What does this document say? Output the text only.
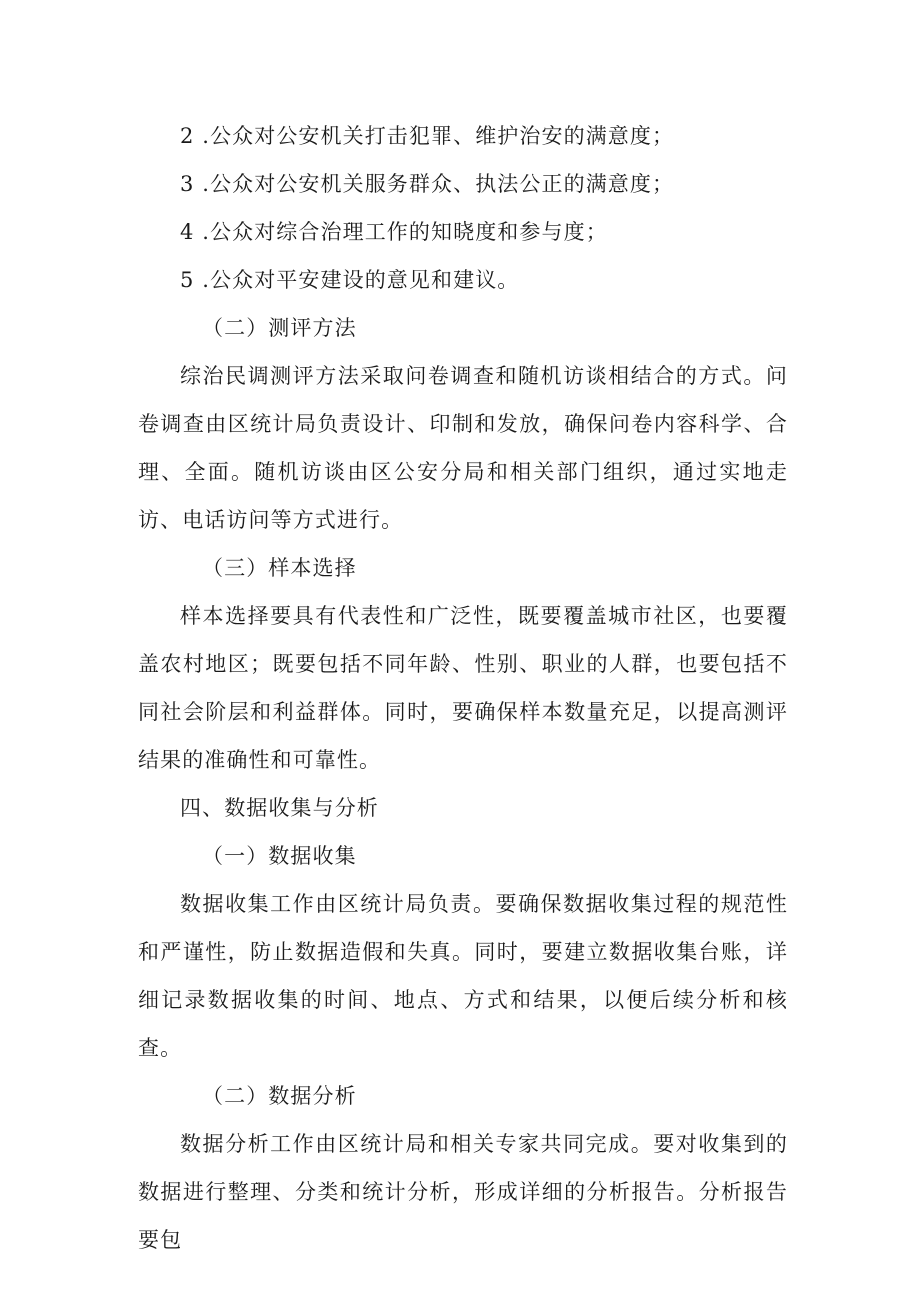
2 .公众对公安机关打击犯罪、维护治安的满意度；
3 .公众对公安机关服务群众、执法公正的满意度；
4 .公众对综合治理工作的知晓度和参与度；
5 .公众对平安建设的意见和建议。
（二）测评方法

综治民调测评方法采取问卷调查和随机访谈相结合的方式。问卷调查由区统计局负责设计、印制和发放，确保问卷内容科学、合理、全面。随机访谈由区公安分局和相关部门组织，通过实地走访、电话访问等方式进行。

（三）样本选择

样本选择要具有代表性和广泛性，既要覆盖城市社区，也要覆盖农村地区；既要包括不同年龄、性别、职业的人群，也要包括不同社会阶层和利益群体。同时，要确保样本数量充足，以提高测评结果的准确性和可靠性。

四、数据收集与分析
（一）数据收集

数据收集工作由区统计局负责。要确保数据收集过程的规范性和严谨性，防止数据造假和失真。同时，要建立数据收集台账，详细记录数据收集的时间、地点、方式和结果，以便后续分析和核查。

（二）数据分析

数据分析工作由区统计局和相关专家共同完成。要对收集到的数据进行整理、分类和统计分析，形成详细的分析报告。分析报告要包
